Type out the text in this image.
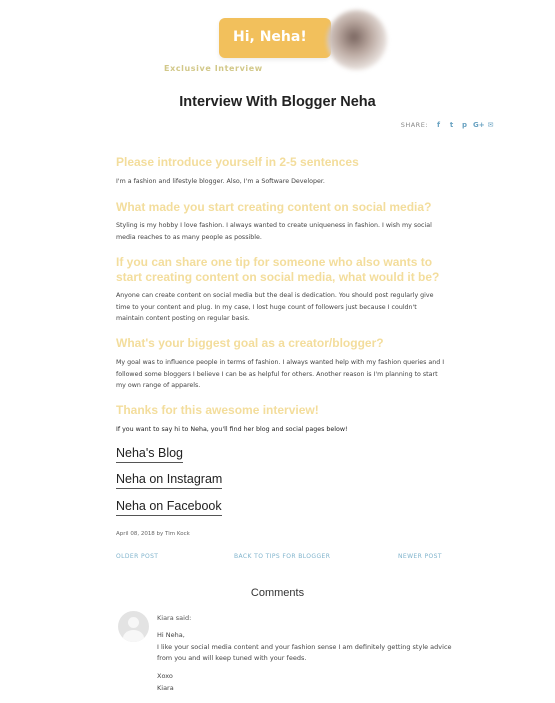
Hi, Neha!
Exclusive Interview
Interview With Blogger Neha
SHARE:	f	t	p G+ ✉
Please introduce yourself in 2-5 sentences

I'm a fashion and lifestyle blogger. Also, I'm a Software Developer.

What made you start creating content on social media?

Styling is my hobby I love fashion. I always wanted to create uniqueness in fashion. I wish my social media reaches to as many people as possible.

If you can share one tip for someone who also wants to start creating content on social media, what would it be?

Anyone can create content on social media but the deal is dedication. You should post regularly give time to your content and plug. In my case, I lost huge count of followers just because I couldn't maintain content posting on regular basis.

What's your biggest goal as a creator/blogger?

My goal was to influence people in terms of fashion. I always wanted help with my fashion queries and I followed some bloggers I believe I can be as helpful for others. Another reason is I'm planning to start my own range of apparels.

Thanks for this awesome interview!

If you want to say hi to Neha, you'll find her blog and social pages below!

Neha's Blog
Neha on Instagram
Neha on Facebook
April 08, 2018 by Tim Kock
OLDER POST	BACK TO TIPS FOR BLOGGER	NEWER POST
Comments
Kiara said:
Hi Neha,
I like your social media content and your fashion sense I am definitely getting style advice
from you and will keep tuned with your feeds.
Xoxo
Kiara
